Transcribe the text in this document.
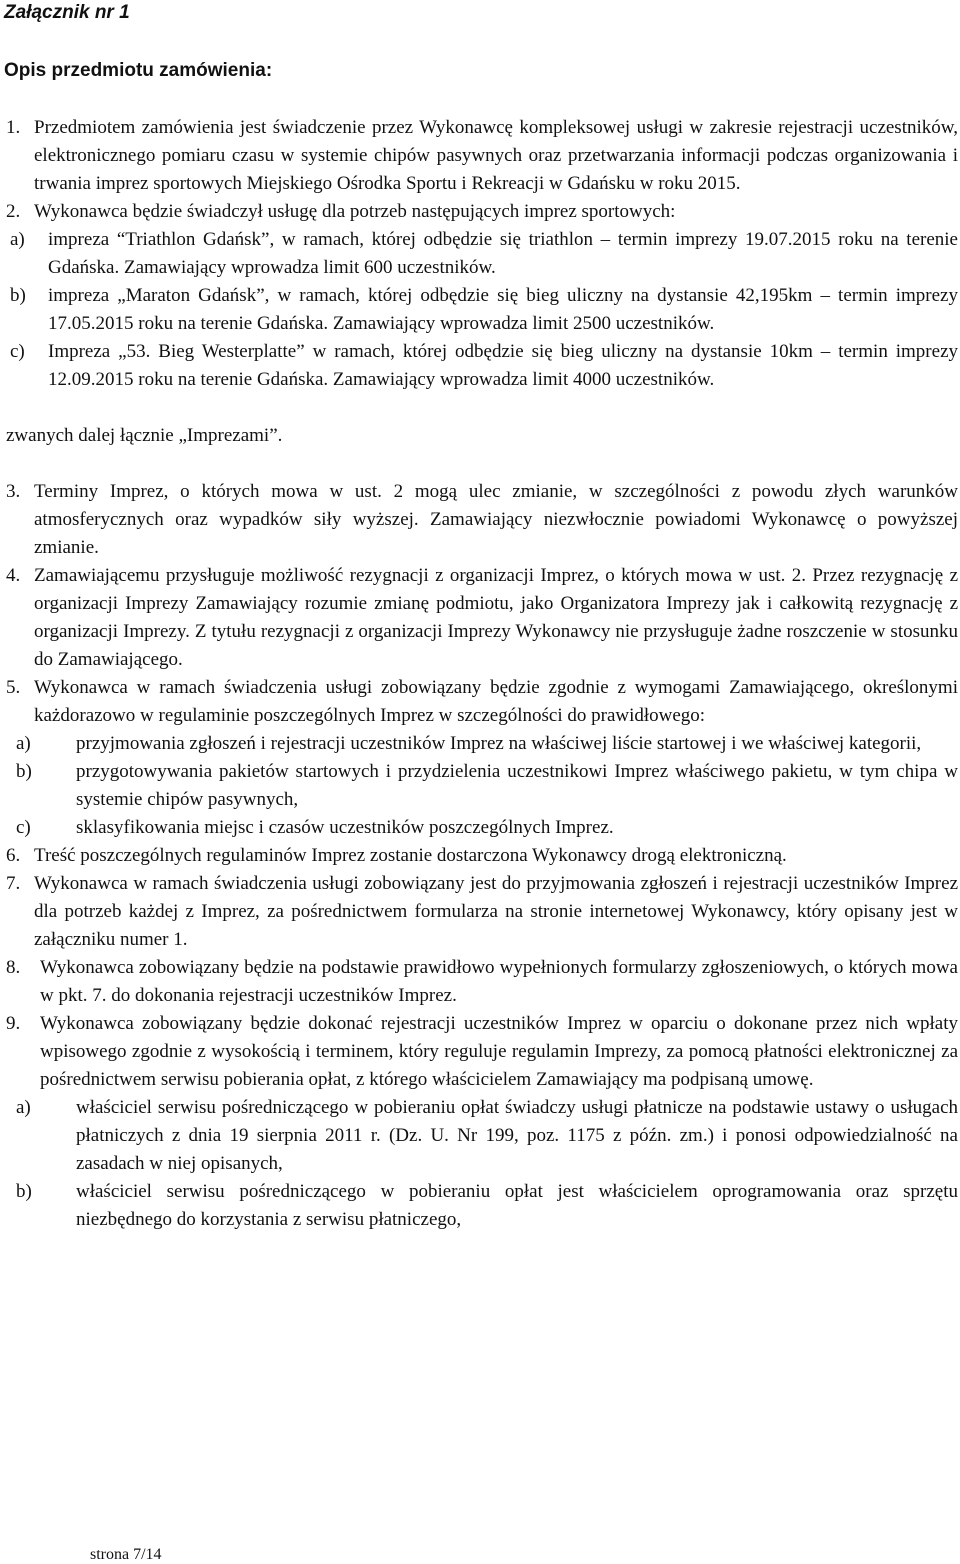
Załącznik nr 1
Opis przedmiotu zamówienia:
1. Przedmiotem zamówienia jest świadczenie przez Wykonawcę kompleksowej usługi w zakresie rejestracji uczestników, elektronicznego pomiaru czasu w systemie chipów pasywnych oraz przetwarzania informacji podczas organizowania i trwania imprez sportowych Miejskiego Ośrodka Sportu i Rekreacji w Gdańsku w roku 2015.
2. Wykonawca będzie świadczył usługę dla potrzeb następujących imprez sportowych:
a)	impreza “Triathlon Gdańsk”, w ramach, której odbędzie się triathlon – termin imprezy 19.07.2015 roku na terenie Gdańska. Zamawiający wprowadza limit 600 uczestników.
b)	impreza „Maraton Gdańsk”, w ramach, której odbędzie się bieg uliczny na dystansie 42,195km – termin imprezy 17.05.2015 roku na terenie Gdańska. Zamawiający wprowadza limit 2500 uczestników.
c)	Impreza „53. Bieg Westerplatte” w ramach, której odbędzie się bieg uliczny na dystansie 10km – termin imprezy 12.09.2015 roku na terenie Gdańska. Zamawiający wprowadza limit 4000 uczestników.
zwanych dalej łącznie „Imprezami”.
3. Terminy Imprez, o których mowa w ust. 2 mogą ulec zmianie, w szczególności z powodu złych warunków atmosferycznych oraz wypadków siły wyższej. Zamawiający niezwłocznie powiadomi Wykonawcę o powyższej zmianie.
4. Zamawiającemu przysługuje możliwość rezygnacji z organizacji Imprez, o których mowa w ust. 2. Przez rezygnację z organizacji Imprezy Zamawiający rozumie zmianę podmiotu, jako Organizatora Imprezy jak i całkowitą rezygnację z organizacji Imprezy. Z tytułu rezygnacji z organizacji Imprezy Wykonawcy nie przysługuje żadne roszczenie w stosunku do Zamawiającego.
5. Wykonawca w ramach świadczenia usługi zobowiązany będzie zgodnie z wymogami Zamawiającego, określonymi każdorazowo w regulaminie poszczególnych Imprez w szczególności do prawidłowego:
a)	przyjmowania zgłoszeń i rejestracji uczestników Imprez na właściwej liście startowej i we właściwej kategorii,
b)	przygotowywania pakietów startowych i przydzielenia uczestnikowi Imprez właściwego pakietu, w tym chipa w systemie chipów pasywnych,
c)	sklasyfikowania miejsc i czasów uczestników poszczególnych Imprez.
6. Treść poszczególnych regulaminów Imprez zostanie dostarczona Wykonawcy drogą elektroniczną.
7. Wykonawca w ramach świadczenia usługi zobowiązany jest do przyjmowania zgłoszeń i rejestracji uczestników Imprez dla potrzeb każdej z Imprez, za pośrednictwem formularza na stronie internetowej Wykonawcy, który opisany jest w załączniku numer 1.
8.	Wykonawca zobowiązany będzie na podstawie prawidłowo wypełnionych formularzy zgłoszeniowych, o których mowa w pkt. 7. do dokonania rejestracji uczestników Imprez.
9.	Wykonawca zobowiązany będzie dokonać rejestracji uczestników Imprez w oparciu o dokonane przez nich wpłaty wpisowego zgodnie z wysokością i terminem, który reguluje regulamin Imprezy, za pomocą płatności elektronicznej za pośrednictwem serwisu pobierania opłat, z którego właścicielem Zamawiający ma podpisaną umowę.
a)	właściciel serwisu pośredniczącego w pobieraniu opłat świadczy usługi płatnicze na podstawie ustawy o usługach płatniczych z dnia 19 sierpnia 2011 r. (Dz. U. Nr 199, poz. 1175 z późn. zm.) i ponosi odpowiedzialność na zasadach w niej opisanych,
b)	właściciel serwisu pośredniczącego w pobieraniu opłat jest właścicielem oprogramowania oraz sprzętu niezbędnego do korzystania z serwisu płatniczego,
strona 7/14
